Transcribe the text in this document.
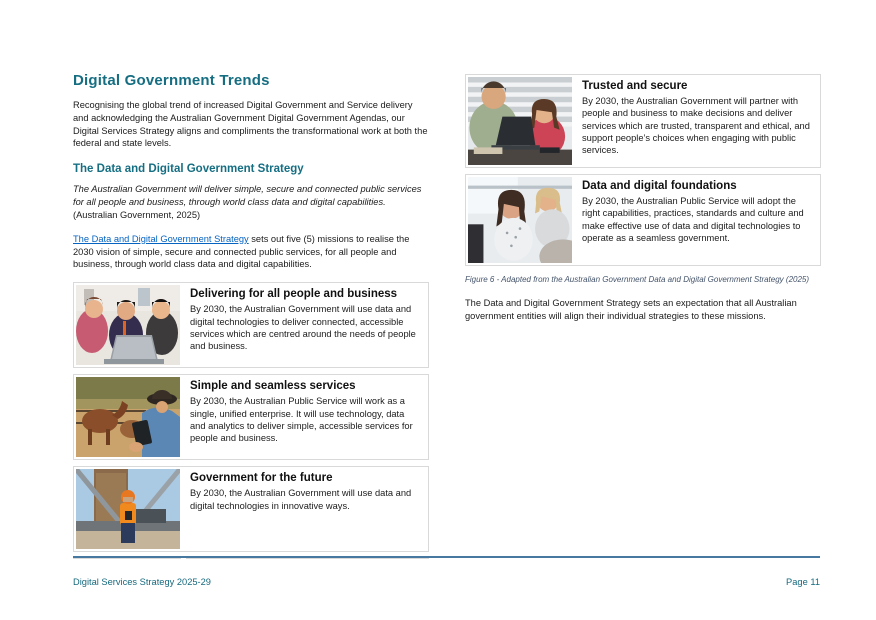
Digital Government Trends

Recognising the global trend of increased Digital Government and Service delivery and acknowledging the Australian Government Digital Government Agendas, our Digital Services Strategy aligns and compliments the transformational work at both the federal and state levels.

The Data and Digital Government Strategy

The Australian Government will deliver simple, secure and connected public services for all people and business, through world class data and digital capabilities. (Australian Government, 2025)

The Data and Digital Government Strategy sets out five (5) missions to realise the 2030 vision of simple, secure and connected public services, for all people and business, through world class data and digital capabilities.

Delivering for all people and business

By 2030, the Australian Government will use data and digital technologies to deliver connected, accessible services which are centred around the needs of people and business.

Simple and seamless services

By 2030, the Australian Public Service will work as a single, unified enterprise. It will use technology, data and analytics to deliver simple, accessible services for people and business.

Government for the future

By 2030, the Australian Government will use data and digital technologies in innovative ways.

Trusted and secure

By 2030, the Australian Government will partner with people and business to make decisions and deliver services which are trusted, transparent and ethical, and support people’s choices when engaging with public services.

Data and digital foundations

By 2030, the Australian Public Service will adopt the right capabilities, practices, standards and culture and make effective use of data and digital technologies to operate as a seamless government.

Figure 6 - Adapted from the Australian Government Data and Digital Government Strategy (2025)

The Data and Digital Government Strategy sets an expectation that all Australian government entities will align their individual strategies to these missions.

Digital Services Strategy 2025-29	Page 11
